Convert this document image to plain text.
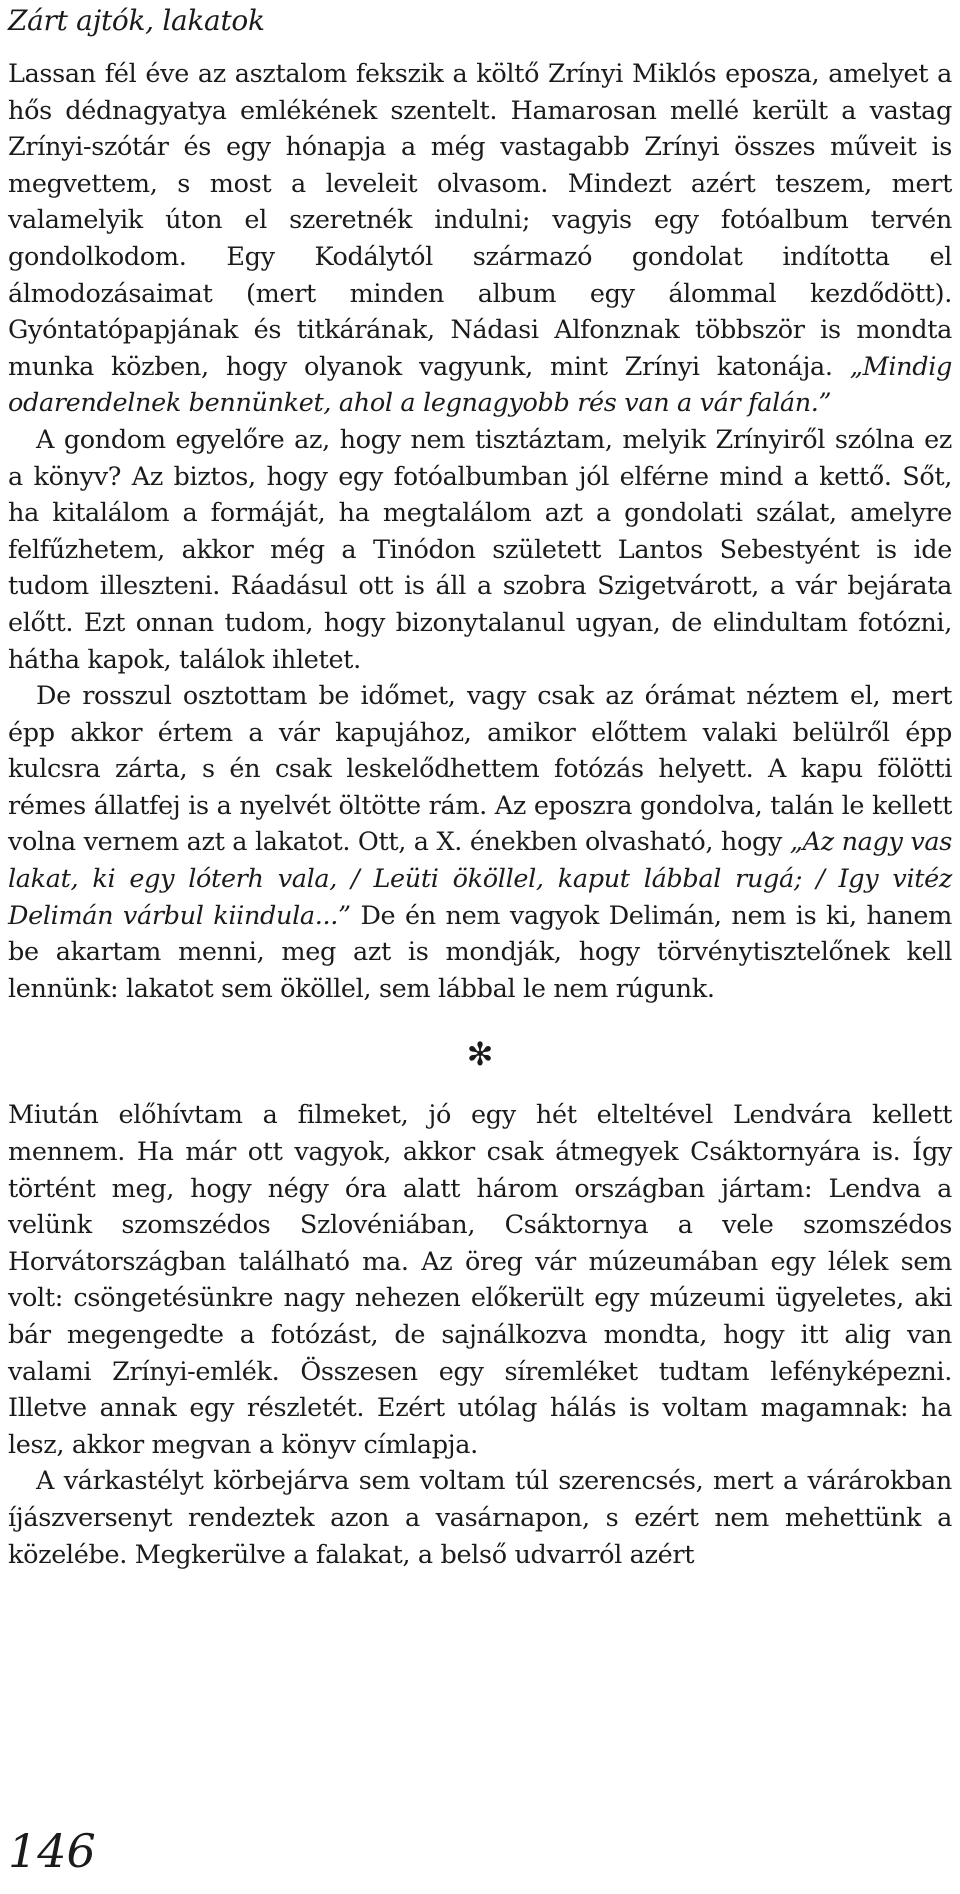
Zárt ajtók, lakatok

Lassan fél éve az asztalom fekszik a költő Zrínyi Miklós eposza, amelyet a hős dédnagyatya emlékének szentelt. Hamarosan mellé került a vastag Zrínyi-szótár és egy hónapja a még vastagabb Zrínyi összes műveit is megvettem, s most a leveleit olvasom. Mindezt azért teszem, mert valamelyik úton el szeretnék indulni; vagyis egy fotóalbum tervén gondolkodom. Egy Kodálytól származó gondolat indította el álmodozásaimat (mert minden album egy álommal kezdődött). Gyóntatópapjának és titkárának, Nádasi Alfonznak többször is mondta munka közben, hogy olyanok vagyunk, mint Zrínyi katonája. „Mindig odarendelnek bennünket, ahol a legnagyobb rés van a vár falán.”

A gondom egyelőre az, hogy nem tisztáztam, melyik Zrínyiről szólna ez a könyv? Az biztos, hogy egy fotóalbumban jól elférne mind a kettő. Sőt, ha kitalálom a formáját, ha megtalálom azt a gondolati szálat, amelyre felfűzhetem, akkor még a Tinódon született Lantos Sebestyént is ide tudom illeszteni. Ráadásul ott is áll a szobra Szigetvárott, a vár bejárata előtt. Ezt onnan tudom, hogy bizonytalanul ugyan, de elindultam fotózni, hátha kapok, találok ihletet.

De rosszul osztottam be időmet, vagy csak az órámat néztem el, mert épp akkor értem a vár kapujához, amikor előttem valaki belülről épp kulcsra zárta, s én csak leskelődhettem fotózás helyett. A kapu fölötti rémes állatfej is a nyelvét öltötte rám. Az eposzra gondolva, talán le kellett volna vernem azt a lakatot. Ott, a X. énekben olvasható, hogy „Az nagy vas lakat, ki egy lóterh vala, / Leüti ököllel, kaput lábbal rugá; / Igy vitéz Delimán várbul kiindula...” De én nem vagyok Delimán, nem is ki, hanem be akartam menni, meg azt is mondják, hogy törvénytisztelőnek kell lennünk: lakatot sem ököllel, sem lábbal le nem rúgunk.

✻

Miután előhívtam a filmeket, jó egy hét elteltével Lendvára kellett mennem. Ha már ott vagyok, akkor csak átmegyek Csáktornyára is. Így történt meg, hogy négy óra alatt három országban jártam: Lendva a velünk szomszédos Szlovéniában, Csáktornya a vele szomszédos Horvátországban található ma. Az öreg vár múzeumában egy lélek sem volt: csöngetésünkre nagy nehezen előkerült egy múzeumi ügyeletes, aki bár megengedte a fotózást, de sajnálkozva mondta, hogy itt alig van valami Zrínyi-emlék. Összesen egy síremléket tudtam lefényképezni. Illetve annak egy részletét. Ezért utólag hálás is voltam magamnak: ha lesz, akkor megvan a könyv címlapja.

A várkastélyt körbejárva sem voltam túl szerencsés, mert a várárokban íjászversenyt rendeztek azon a vasárnapon, s ezért nem mehettünk a közelébe. Megkerülve a falakat, a belső udvarról azért

146
